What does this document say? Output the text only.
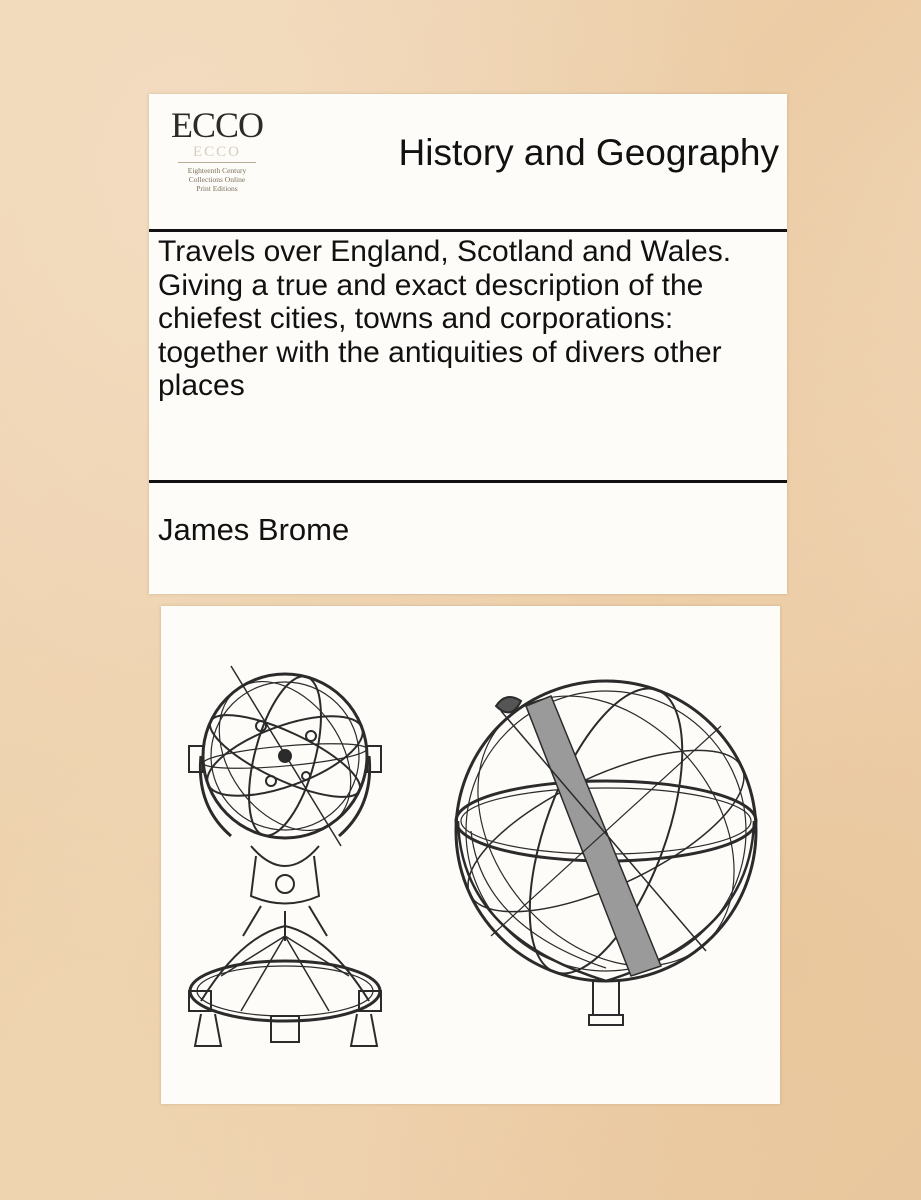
ECCO
ECCO
Eighteenth Century
Collections Online
Print Editions
History and Geography
Travels over England, Scotland and Wales. Giving a true and exact description of the chiefest cities, towns and corporations: together with the antiquities of divers other places
James Brome
